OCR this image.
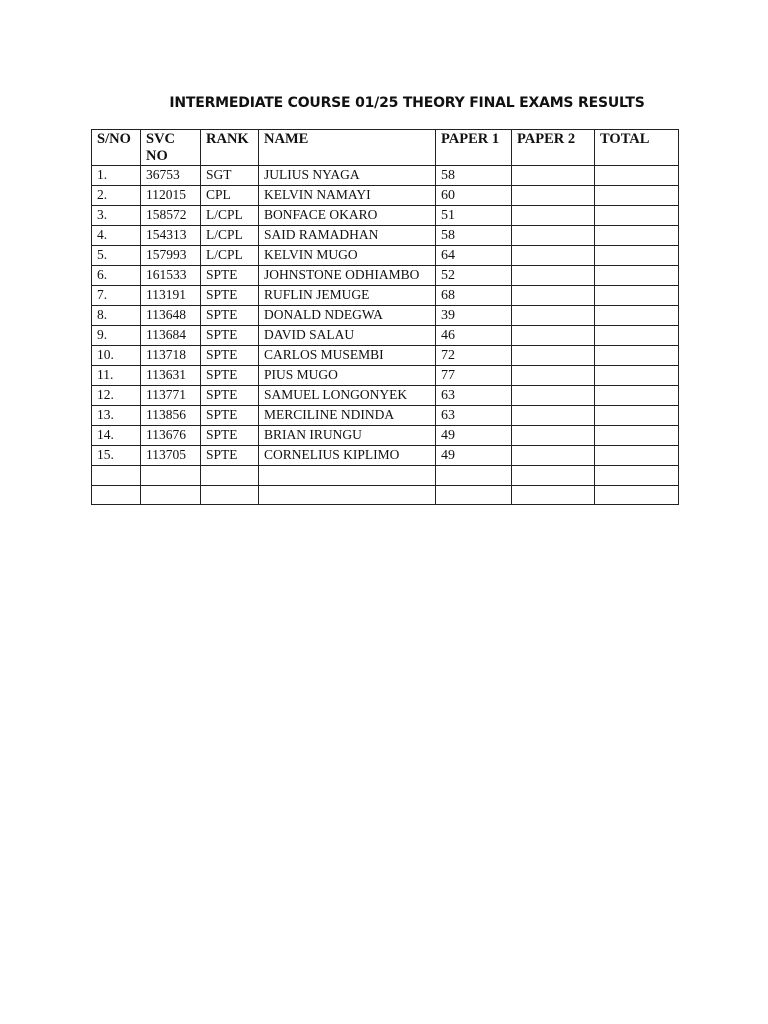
INTERMEDIATE COURSE 01/25 THEORY FINAL EXAMS RESULTS
S/NO	SVC NO	RANK	NAME	PAPER 1	PAPER 2	TOTAL
1.	36753	SGT	JULIUS NYAGA	58		
2.	112015	CPL	KELVIN NAMAYI	60		
3.	158572	L/CPL	BONFACE OKARO	51		
4.	154313	L/CPL	SAID RAMADHAN	58		
5.	157993	L/CPL	KELVIN MUGO	64		
6.	161533	SPTE	JOHNSTONE ODHIAMBO	52		
7.	113191	SPTE	RUFLIN JEMUGE	68		
8.	113648	SPTE	DONALD NDEGWA	39		
9.	113684	SPTE	DAVID SALAU	46		
10.	113718	SPTE	CARLOS MUSEMBI	72		
11.	113631	SPTE	PIUS MUGO	77		
12.	113771	SPTE	SAMUEL LONGONYEK	63		
13.	113856	SPTE	MERCILINE NDINDA	63		
14.	113676	SPTE	BRIAN IRUNGU	49		
15.	113705	SPTE	CORNELIUS KIPLIMO	49		
